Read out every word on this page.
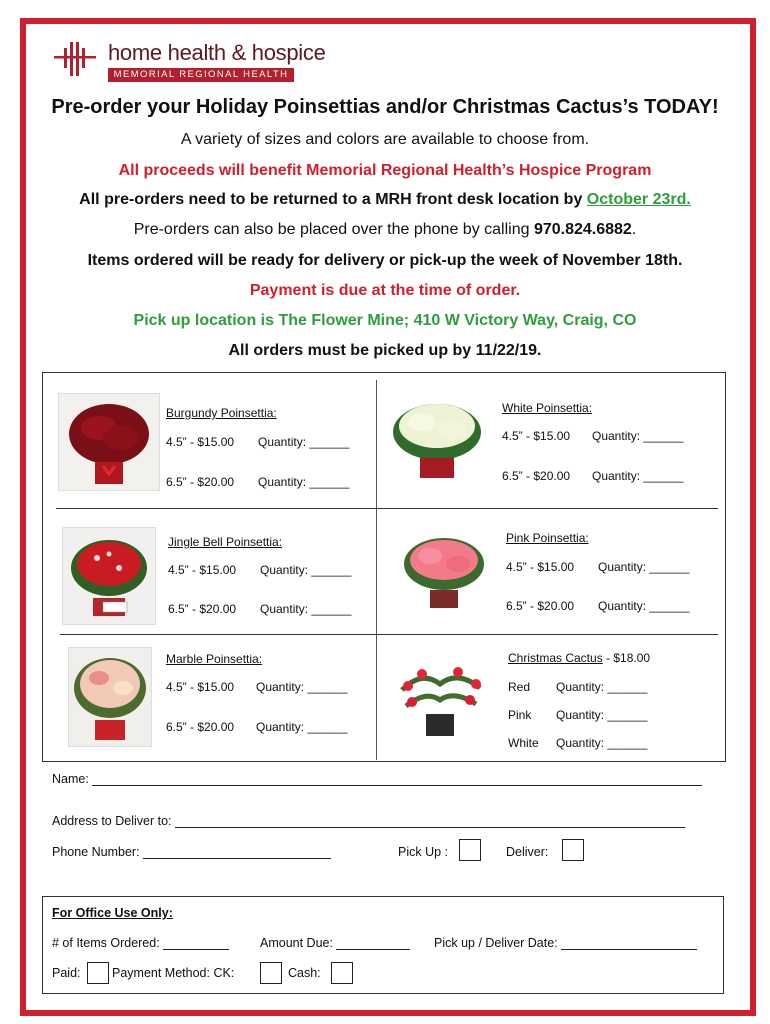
home health & hospice
MEMORIAL REGIONAL HEALTH
Pre-order your Holiday Poinsettias and/or Christmas Cactus’s TODAY!
A variety of sizes and colors are available to choose from.
All proceeds will benefit Memorial Regional Health’s Hospice Program
All pre-orders need to be returned to a MRH front desk location by October 23rd.
Pre-orders can also be placed over the phone by calling 970.824.6882.
Items ordered will be ready for delivery or pick-up the week of November 18th.
Payment is due at the time of order.
Pick up location is The Flower Mine; 410 W Victory Way, Craig, CO
All orders must be picked up by 11/22/19.
Burgundy Poinsettia:
4.5” - $15.00 Quantity: ______
6.5” - $20.00 Quantity: ______
White Poinsettia:
4.5” - $15.00 Quantity: ______
6.5” - $20.00 Quantity: ______
Jingle Bell Poinsettia:
4.5” - $15.00 Quantity: ______
6.5” - $20.00 Quantity: ______
Pink Poinsettia:
4.5” - $15.00 Quantity: ______
6.5” - $20.00 Quantity: ______
Marble Poinsettia:
4.5” - $15.00 Quantity: ______
6.5” - $20.00 Quantity: ______
Christmas Cactus - $18.00
Red Quantity: ______
Pink Quantity: ______
White Quantity: ______
Name:
Address to Deliver to:
Phone Number:	Pick Up :	Deliver:
For Office Use Only:
# of Items Ordered:	Amount Due:	Pick up / Deliver Date:
Paid:	Payment Method: CK:	Cash:
